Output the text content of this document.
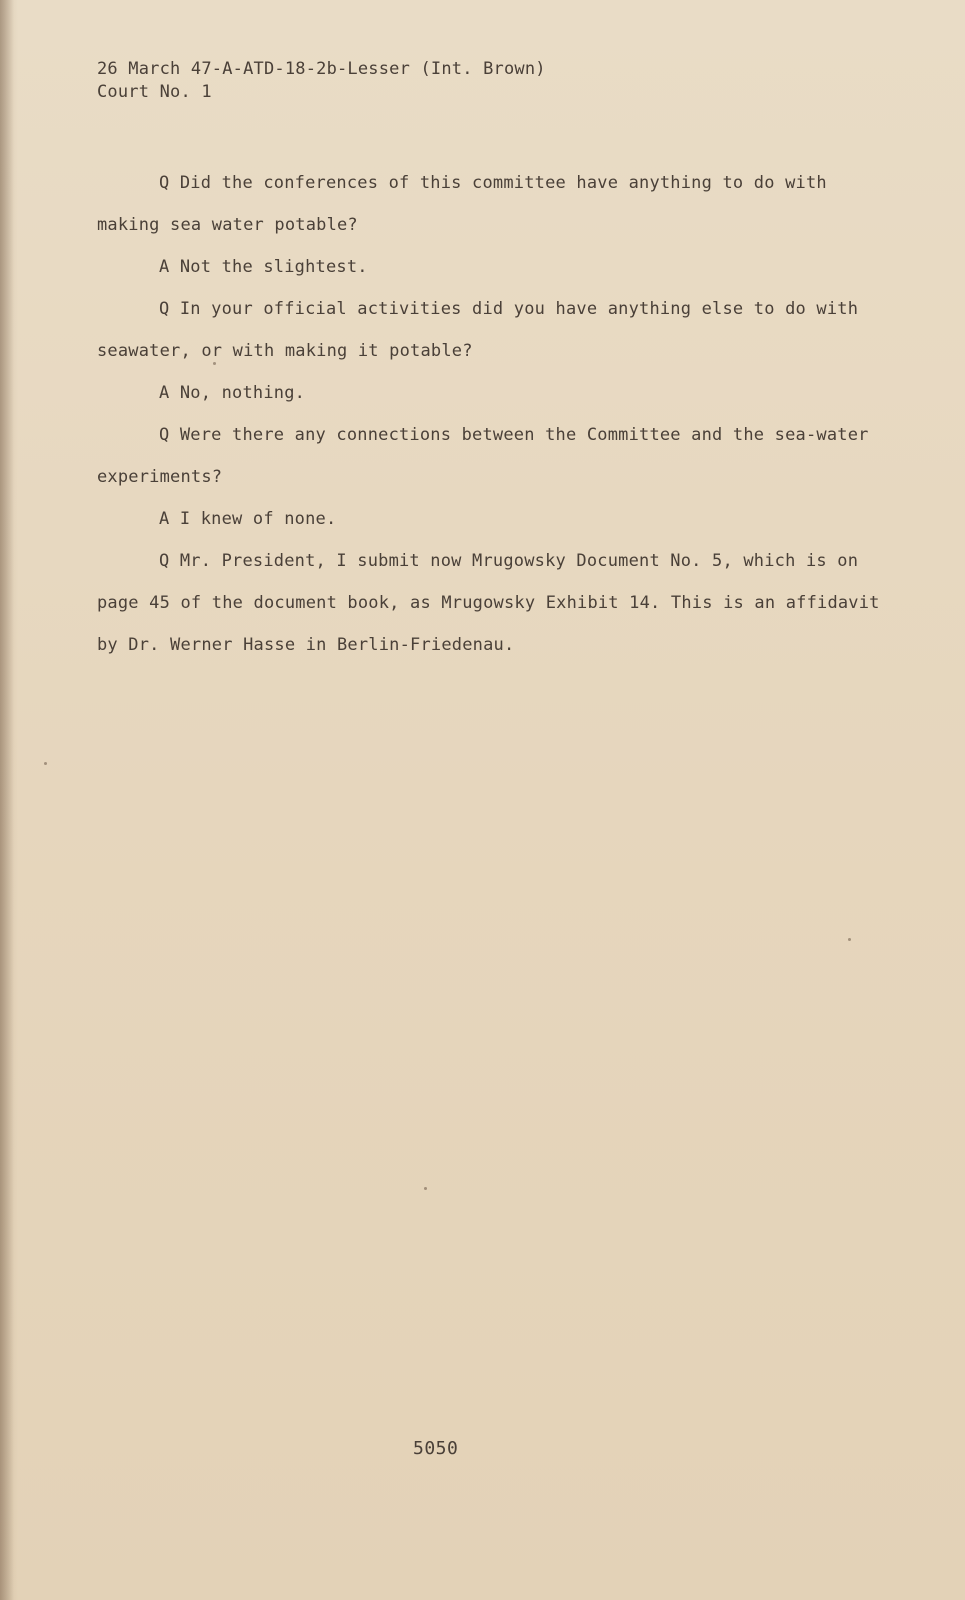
26 March 47-A-ATD-18-2b-Lesser (Int. Brown)
Court No. 1

Q Did the conferences of this committee have anything to do with making sea water potable?

A Not the slightest.

Q In your official activities did you have anything else to do with seawater, or with making it potable?

A No, nothing.

Q Were there any connections between the Committee and the sea-water experiments?

A I knew of none.

Q Mr. President, I submit now Mrugowsky Document No. 5, which is on page 45 of the document book, as Mrugowsky Exhibit 14. This is an affidavit by Dr. Werner Hasse in Berlin-Friedenau.

5050
